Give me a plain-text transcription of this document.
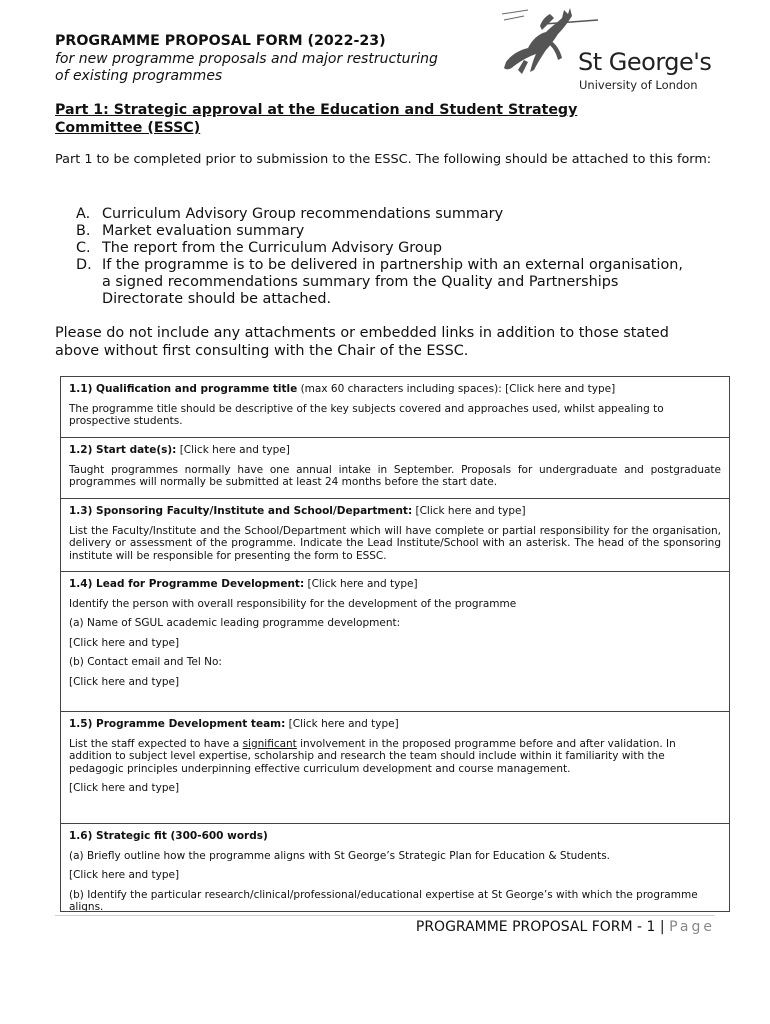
St George's
University of London
PROGRAMME PROPOSAL FORM (2022-23)
for new programme proposals and major restructuring
of existing programmes
Part 1: Strategic approval at the Education and Student Strategy
Committee (ESSC)
Part 1 to be completed prior to submission to the ESSC. The following should be attached to this form:
A. Curriculum Advisory Group recommendations summary
B. Market evaluation summary
C. The report from the Curriculum Advisory Group
D. If the programme is to be delivered in partnership with an external organisation, a signed recommendations summary from the Quality and Partnerships Directorate should be attached.
Please do not include any attachments or embedded links in addition to those stated above without first consulting with the Chair of the ESSC.
1.1) Qualification and programme title (max 60 characters including spaces): [Click here and type]

The programme title should be descriptive of the key subjects covered and approaches used, whilst appealing to prospective students.

1.2) Start date(s): [Click here and type]

Taught programmes normally have one annual intake in September. Proposals for undergraduate and postgraduate programmes will normally be submitted at least 24 months before the start date.

1.3) Sponsoring Faculty/Institute and School/Department: [Click here and type]

List the Faculty/Institute and the School/Department which will have complete or partial responsibility for the organisation, delivery or assessment of the programme. Indicate the Lead Institute/School with an asterisk. The head of the sponsoring institute will be responsible for presenting the form to ESSC.

1.4) Lead for Programme Development: [Click here and type]

Identify the person with overall responsibility for the development of the programme

(a) Name of SGUL academic leading programme development:

[Click here and type]

(b) Contact email and Tel No:

[Click here and type]

1.5) Programme Development team: [Click here and type]

List the staff expected to have a significant involvement in the proposed programme before and after validation. In addition to subject level expertise, scholarship and research the team should include within it familiarity with the pedagogic principles underpinning effective curriculum development and course management.

[Click here and type]

1.6) Strategic fit (300-600 words)

(a) Briefly outline how the programme aligns with St George’s Strategic Plan for Education & Students.

[Click here and type]

(b) Identify the particular research/clinical/professional/educational expertise at St George’s with which the programme aligns.

PROGRAMME PROPOSAL FORM - 1 | Page
